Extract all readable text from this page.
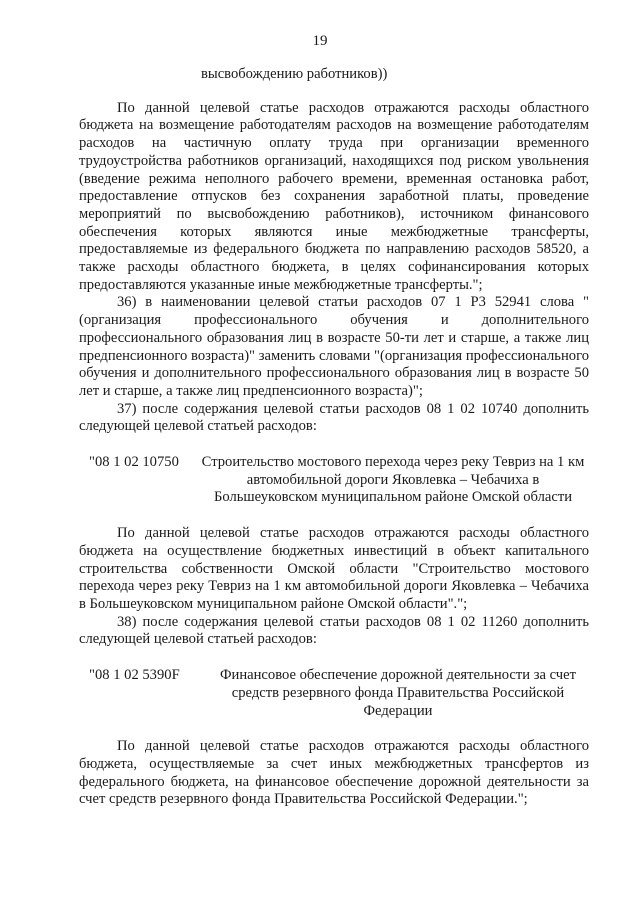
19

высвобождению работников))

По данной целевой статье расходов отражаются расходы областного бюджета на возмещение работодателям расходов на возмещение работодателям расходов на частичную оплату труда при организации временного трудоустройства работников организаций, находящихся под риском увольнения (введение режима неполного рабочего времени, временная остановка работ, предоставление отпусков без сохранения заработной платы, проведение мероприятий по высвобождению работников), источником финансового обеспечения которых являются иные межбюджетные трансферты, предоставляемые из федерального бюджета по направлению расходов 58520, а также расходы областного бюджета, в целях софинансирования которых предоставляются указанные иные межбюджетные трансферты.";

36) в наименовании целевой статьи расходов 07 1 Р3 52941 слова "(организация профессионального обучения и дополнительного профессионального образования лиц в возрасте 50-ти лет и старше, а также лиц предпенсионного возраста)" заменить словами "(организация профессионального обучения и дополнительного профессионального образования лиц в возрасте 50 лет и старше, а также лиц предпенсионного возраста)";

37) после содержания целевой статьи расходов 08 1 02 10740 дополнить следующей целевой статьей расходов:

"08 1 02 10750	Строительство мостового перехода через реку Тевриз на 1 км автомобильной дороги Яковлевка – Чебачиха в Большеуковском муниципальном районе Омской области

По данной целевой статье расходов отражаются расходы областного бюджета на осуществление бюджетных инвестиций в объект капитального строительства собственности Омской области "Строительство мостового перехода через реку Тевриз на 1 км автомобильной дороги Яковлевка – Чебачиха в Большеуковском муниципальном районе Омской области".";

38) после содержания целевой статьи расходов 08 1 02 11260 дополнить следующей целевой статьей расходов:

"08 1 02 5390F	Финансовое обеспечение дорожной деятельности за счет средств резервного фонда Правительства Российской Федерации

По данной целевой статье расходов отражаются расходы областного бюджета, осуществляемые за счет иных межбюджетных трансфертов из федерального бюджета, на финансовое обеспечение дорожной деятельности за счет средств резервного фонда Правительства Российской Федерации.";
